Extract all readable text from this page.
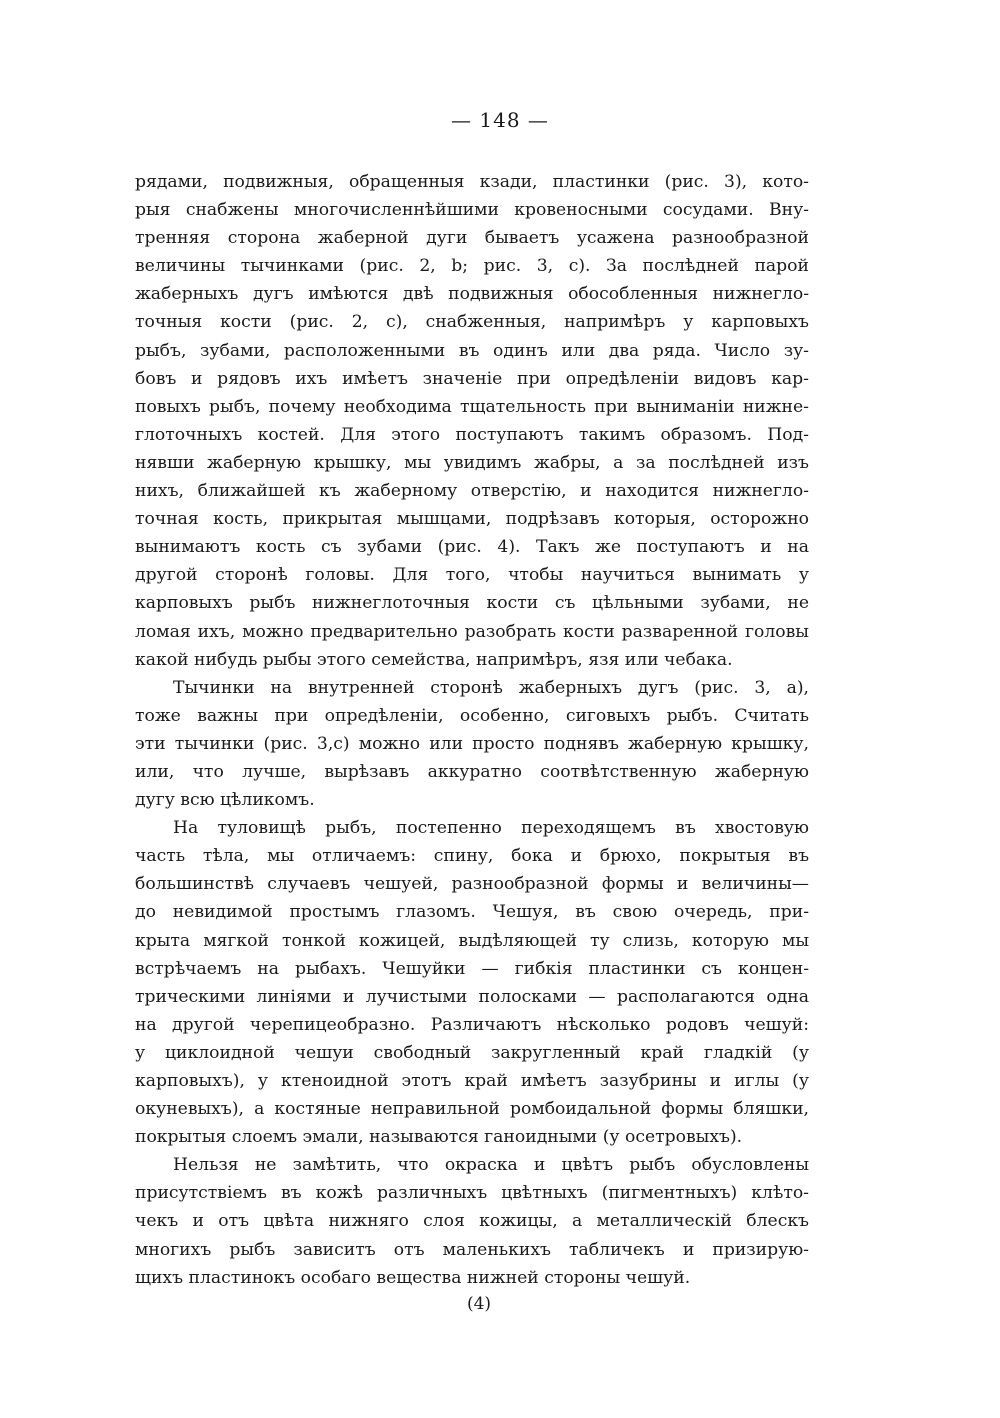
— 148 —
рядами, подвижныя, обращенныя кзади, пластинки (рис. 3), кото-
рыя снабжены многочисленнѣйшими кровеносными сосудами. Вну-
тренняя сторона жаберной дуги бываетъ усажена разнообразной
величины тычинками (рис. 2, b; рис. 3, c). За послѣдней парой
жаберныхъ дугъ имѣются двѣ подвижныя обособленныя нижнегло-
точныя кости (рис. 2, c), снабженныя, напримѣръ у карповыхъ
рыбъ, зубами, расположенными въ одинъ или два ряда. Число зу-
бовъ и рядовъ ихъ имѣетъ значеніе при опредѣленіи видовъ кар-
повыхъ рыбъ, почему необходима тщательность при выниманіи нижне-
глоточныхъ костей. Для этого поступаютъ такимъ образомъ. Под-
нявши жаберную крышку, мы увидимъ жабры, а за послѣдней изъ
нихъ, ближайшей къ жаберному отверстію, и находится нижнегло-
точная кость, прикрытая мышцами, подрѣзавъ которыя, осторожно
вынимаютъ кость съ зубами (рис. 4). Такъ же поступаютъ и на
другой сторонѣ головы. Для того, чтобы научиться вынимать у
карповыхъ рыбъ нижнеглоточныя кости съ цѣльными зубами, не
ломая ихъ, можно предварительно разобрать кости разваренной головы
какой нибудь рыбы этого семейства, напримѣръ, язя или чебака.
Тычинки на внутренней сторонѣ жаберныхъ дугъ (рис. 3, a),
тоже важны при опредѣленіи, особенно, сиговыхъ рыбъ. Считать
эти тычинки (рис. 3,c) можно или просто поднявъ жаберную крышку,
или, что лучше, вырѣзавъ аккуратно соотвѣтственную жаберную
дугу всю цѣликомъ.
На туловищѣ рыбъ, постепенно переходящемъ въ хвостовую
часть тѣла, мы отличаемъ: спину, бока и брюхо, покрытыя въ
большинствѣ случаевъ чешуей, разнообразной формы и величины—
до невидимой простымъ глазомъ. Чешуя, въ свою очередь, при-
крыта мягкой тонкой кожицей, выдѣляющей ту слизь, которую мы
встрѣчаемъ на рыбахъ. Чешуйки — гибкія пластинки съ концен-
трическими линіями и лучистыми полосками — располагаются одна
на другой черепицеобразно. Различаютъ нѣсколько родовъ чешуй:
у циклоидной чешуи свободный закругленный край гладкій (у
карповыхъ), у ктеноидной этотъ край имѣетъ зазубрины и иглы (у
окуневыхъ), а костяные неправильной ромбоидальной формы бляшки,
покрытыя слоемъ эмали, называются ганоидными (у осетровыхъ).
Нельзя не замѣтить, что окраска и цвѣтъ рыбъ обусловлены
присутствіемъ въ кожѣ различныхъ цвѣтныхъ (пигментныхъ) клѣто-
чекъ и отъ цвѣта нижняго слоя кожицы, а металлическій блескъ
многихъ рыбъ зависитъ отъ маленькихъ табличекъ и призирую-
щихъ пластинокъ особаго вещества нижней стороны чешуй.
(4)
